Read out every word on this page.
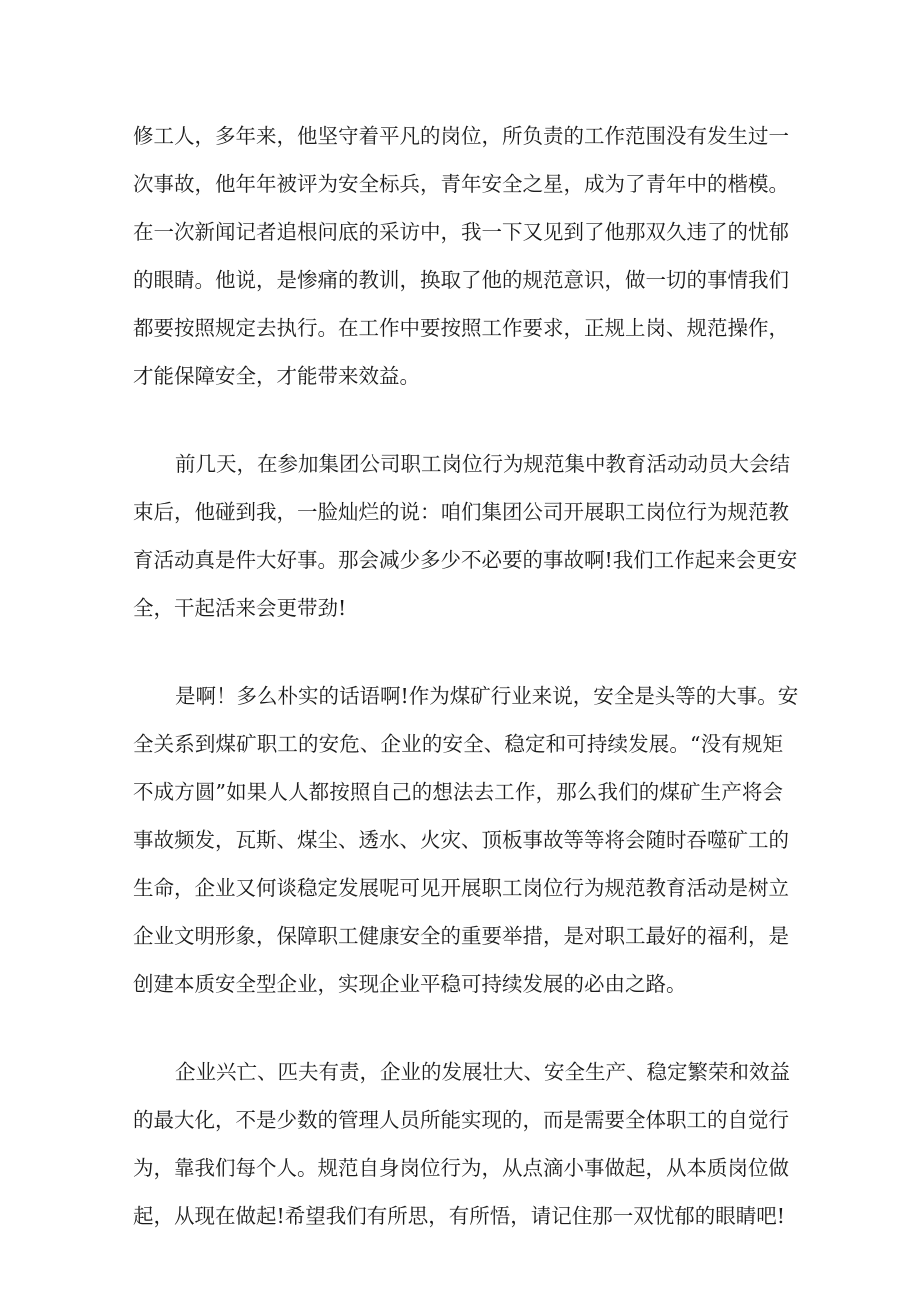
修工人，多年来，他坚守着平凡的岗位，所负责的工作范围没有发生过一
次事故，他年年被评为安全标兵，青年安全之星，成为了青年中的楷模。
在一次新闻记者追根问底的采访中，我一下又见到了他那双久违了的忧郁
的眼睛。他说，是惨痛的教训，换取了他的规范意识，做一切的事情我们
都要按照规定去执行。在工作中要按照工作要求，正规上岗、规范操作，
才能保障安全，才能带来效益。
前几天，在参加集团公司职工岗位行为规范集中教育活动动员大会结
束后，他碰到我，一脸灿烂的说：咱们集团公司开展职工岗位行为规范教
育活动真是件大好事。那会减少多少不必要的事故啊!我们工作起来会更安
全，干起活来会更带劲!
是啊！多么朴实的话语啊!作为煤矿行业来说，安全是头等的大事。安
全关系到煤矿职工的安危、企业的安全、稳定和可持续发展。“没有规矩
不成方圆”如果人人都按照自己的想法去工作，那么我们的煤矿生产将会
事故频发，瓦斯、煤尘、透水、火灾、顶板事故等等将会随时吞噬矿工的
生命，企业又何谈稳定发展呢可见开展职工岗位行为规范教育活动是树立
企业文明形象，保障职工健康安全的重要举措，是对职工最好的福利，是
创建本质安全型企业，实现企业平稳可持续发展的必由之路。
企业兴亡、匹夫有责，企业的发展壮大、安全生产、稳定繁荣和效益
的最大化，不是少数的管理人员所能实现的，而是需要全体职工的自觉行
为，靠我们每个人。规范自身岗位行为，从点滴小事做起，从本质岗位做
起，从现在做起!希望我们有所思，有所悟，请记住那一双忧郁的眼睛吧!
